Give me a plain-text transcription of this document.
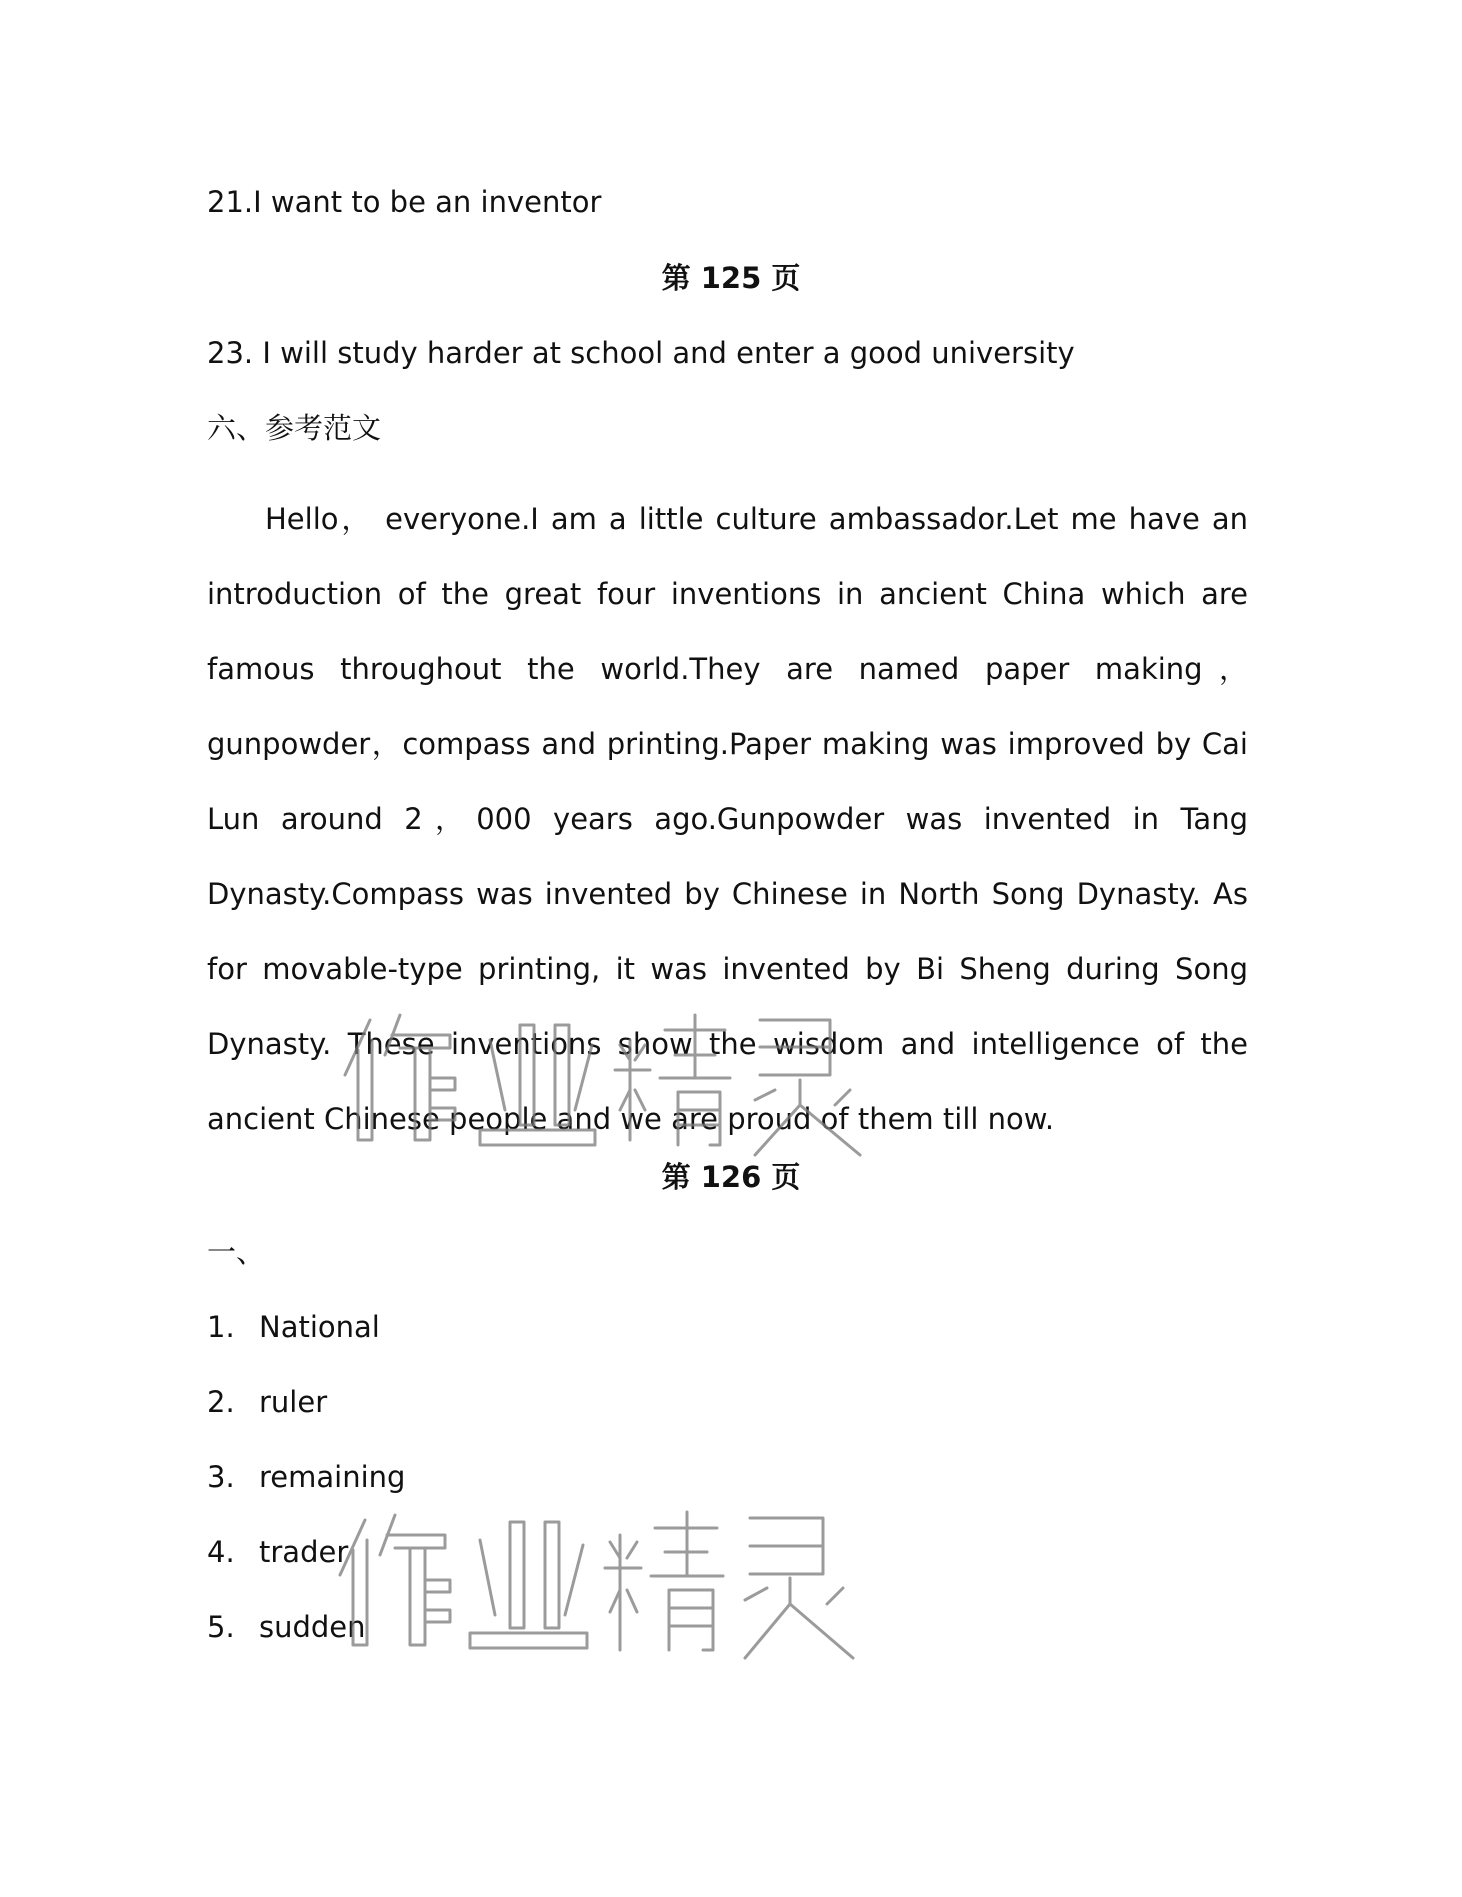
21.I want to be an inventor
第 125 页
23. I will study harder at school and enter a good university
六、参考范文

Hello， everyone.I am a little culture ambassador.Let me have an introduction of the great four inventions in ancient China which are famous throughout the world.They are named paper making，gunpowder，compass and printing.Paper making was improved by Cai Lun around 2，000 years ago.Gunpowder was invented in Tang Dynasty.Compass was invented by Chinese in North Song Dynasty. As for movable-type printing, it was invented by Bi Sheng during Song Dynasty. These inventions show the wisdom and intelligence of the ancient Chinese people and we are proud of them till now.

第 126 页
一、
1. National
2. ruler
3. remaining
4. trader
5. sudden
